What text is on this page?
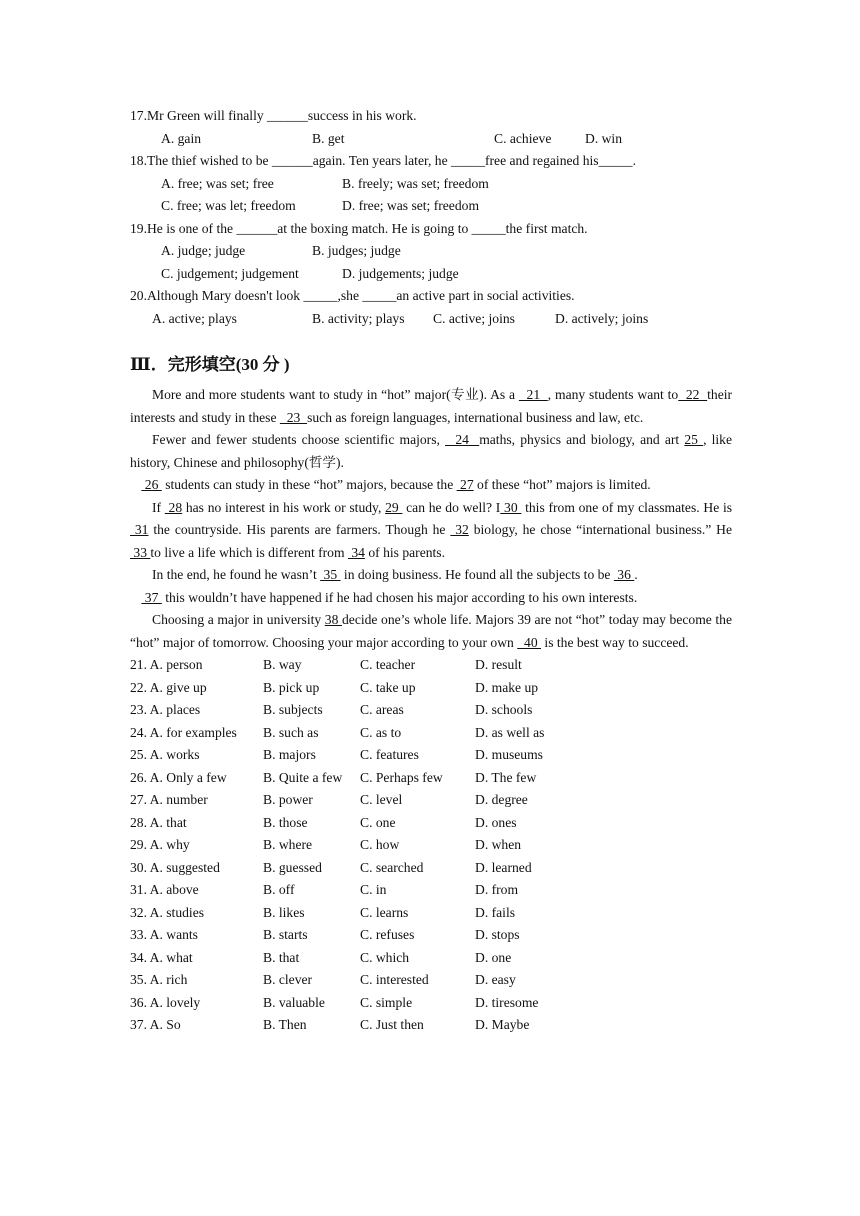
17.Mr Green will finally ______success in his work.
A. gain	B. get	C. achieve D. win
18.The thief wished to be ______again. Ten years later, he _____free and regained his_____.
A. free; was set; free	B. freely; was set; freedom
C. free; was let; freedom	D. free; was set; freedom
19.He is one of the ______at the boxing match. He is going to _____the first match.
A. judge; judge	B. judges; judge
C. judgement; judgement	D. judgements; judge
20.Although Mary doesn't look _____,she _____an active part in social activities.
A. active; plays	B. activity; plays C. active; joins	D. actively; joins
Ⅲ．完形填空(30 分 )
More and more students want to study in “hot” major(专业). As a   21  , many students want to  22  their interests and study in these   23  such as foreign languages, international business and law, etc.
Fewer and fewer students choose scientific majors,   24  maths, physics and biology, and art 25 , like history, Chinese and philosophy(哲学).
26  students can study in these “hot” majors, because the  27 of these “hot” majors is limited.
If  28 has no interest in his work or study, 29  can he do well? I 30  this from one of my classmates. He is  31 the countryside. His parents are farmers. Though he  32 biology, he chose “international business.” He  33 to live a life which is different from  34 of his parents.
In the end, he found he wasn’t  35  in doing business. He found all the subjects to be  36 .
37  this wouldn’t have happened if he had chosen his major according to his own interests.
Choosing a major in university 38 decide one’s whole life. Majors 39 are not “hot” today may become the “hot” major of tomorrow. Choosing your major according to your own   40  is the best way to succeed.
21. A. person	B. way	C. teacher	D. result
22. A. give up	B. pick up	C. take up	D. make up
23. A. places	B. subjects	C. areas	D. schools
24. A. for examples B. such as	C. as to	D. as well as
25. A. works	B. majors	C. features	D. museums
26. A. Only a few	B. Quite a few C. Perhaps few D. The few
27. A. number	B. power	C. level	D. degree
28. A. that	B. those	C. one	D. ones
29. A. why	B. where	C. how	D. when
30. A. suggested	B. guessed	C. searched	D. learned
31. A. above	B. off	C. in	D. from
32. A. studies	B. likes	C. learns	D. fails
33. A. wants	B. starts	C. refuses	D. stops
34. A. what	B. that	C. which	D. one
35. A. rich	B. clever	C. interested	D. easy
36. A. lovely	B. valuable	C. simple	D. tiresome
37. A. So	B. Then	C. Just then	D. Maybe
